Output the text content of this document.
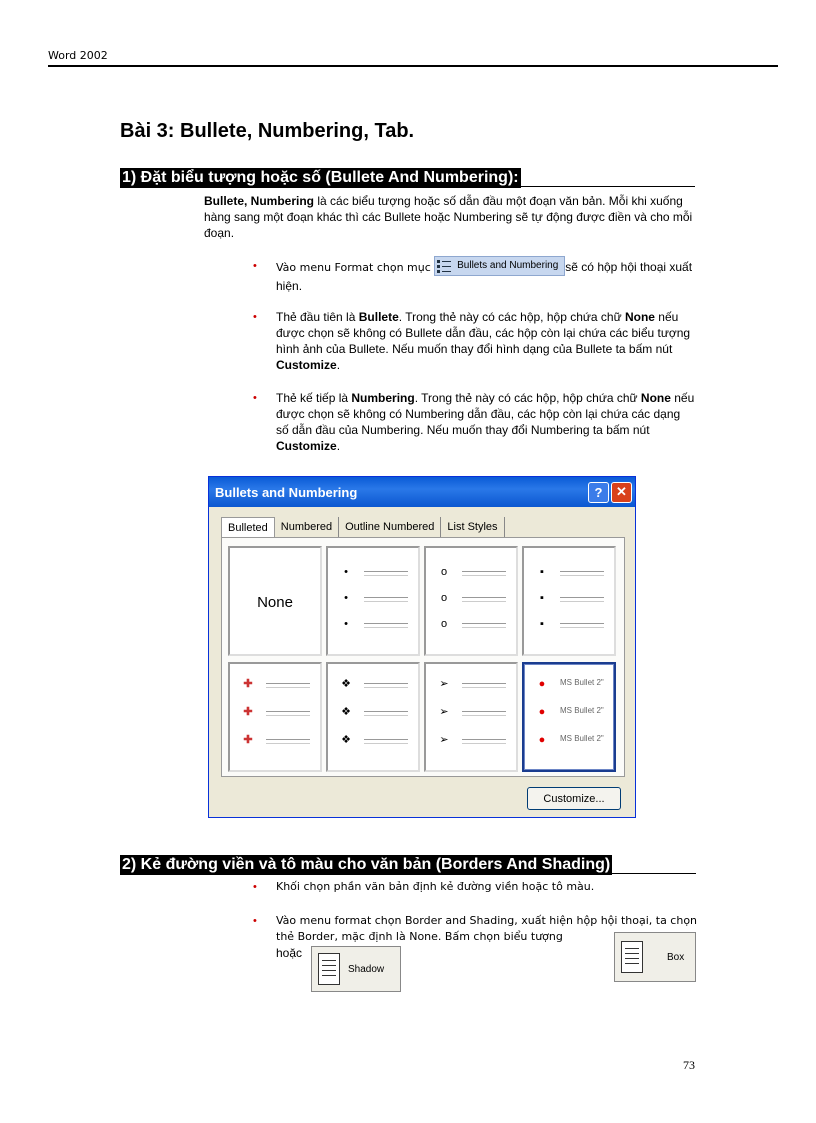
Word 2002
Bài 3: Bullete, Numbering, Tab.
1) Đặt biểu tượng hoặc số (Bullete And Numbering):
Bullete, Numbering là các biểu tượng hoặc số dẫn đầu một đoạn văn bản. Mỗi khi xuống hàng sang một đoạn khác thì các Bullete hoặc Numbering sẽ tự động được điền và cho mỗi đoạn.
• Vào menu Format chọn mục	Bullets and Numbering sẽ có hộp hội thoại xuất hiện.
• Thẻ đầu tiên là Bullete. Trong thẻ này có các hộp, hộp chứa chữ None nếu được chọn sẽ không có Bullete dẫn đầu, các hộp còn lại chứa các biểu tượng hình ảnh của Bullete. Nếu muốn thay đổi hình dạng của Bullete ta bấm nút Customize.
• Thẻ kế tiếp là Numbering. Trong thẻ này có các hộp, hộp chứa chữ None nếu được chọn sẽ không có Numbering dẫn đầu, các hộp còn lại chứa các dạng số dẫn đầu của Numbering. Nếu muốn thay đổi Numbering ta bấm nút Customize.
Bullets and Numbering	?	✕
Bulleted	Numbered	Outline Numbered	List Styles
None
•
•
•
o
o
o
▪
▪
▪
✚
✚
✚
❖
❖
❖
➢
➢
➢
●	MS Bullet 2"
●	MS Bullet 2"
●	MS Bullet 2"
Customize...
2) Kẻ đường viền và tô màu cho văn bản (Borders And Shading)
• Khối chọn phần văn bản định kẻ đường viền hoặc tô màu.
• Vào menu format chọn Border and Shading, xuất hiện hộp hội thoại, ta chọn thẻ Border, mặc định là None. Bấm chọn biểu tượng
hoặc
Shadow
Box
73
